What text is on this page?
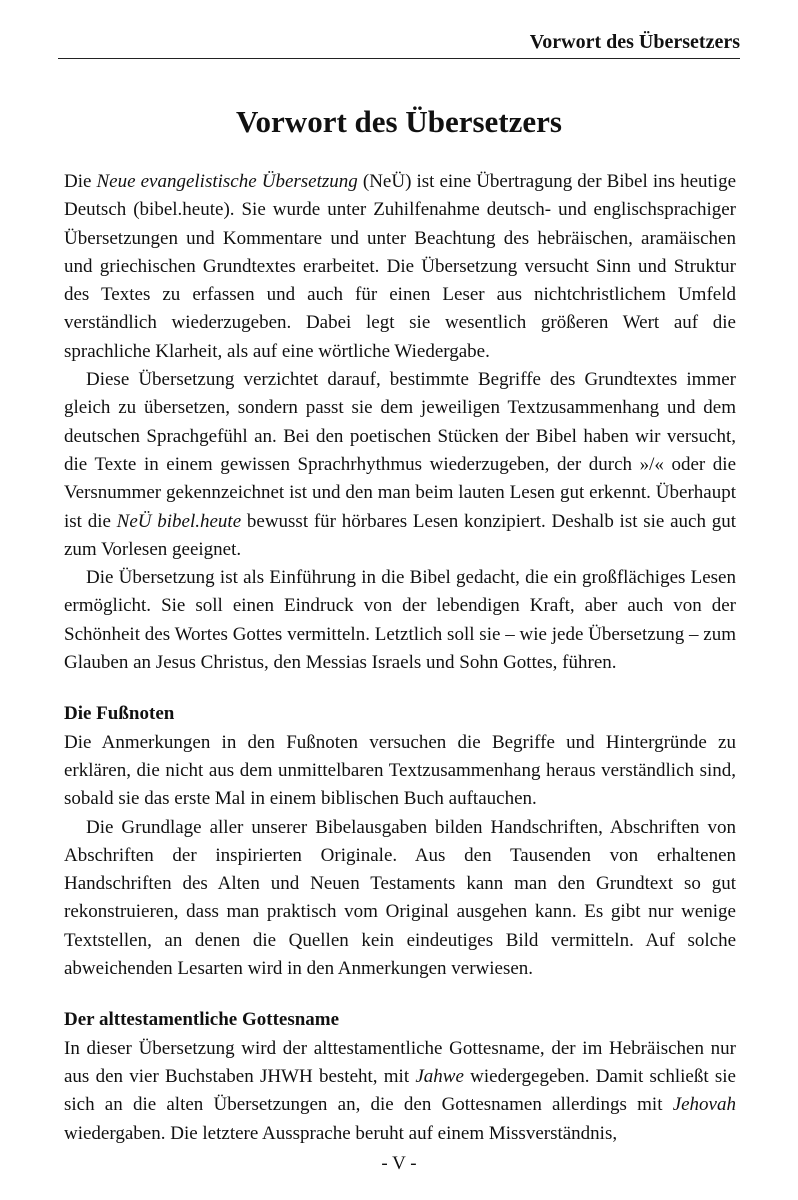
Vorwort des Übersetzers
Vorwort des Übersetzers

Die Neue evangelistische Übersetzung (NeÜ) ist eine Übertragung der Bibel ins heutige Deutsch (bibel.heute). Sie wurde unter Zuhilfenahme deutsch- und englischsprachiger Übersetzungen und Kommentare und unter Beachtung des hebräischen, aramäischen und griechischen Grundtextes erarbeitet. Die Übersetzung versucht Sinn und Struktur des Textes zu erfassen und auch für einen Leser aus nichtchristlichem Umfeld verständlich wiederzugeben. Dabei legt sie wesentlich größeren Wert auf die sprachliche Klarheit, als auf eine wörtliche Wiedergabe.

Diese Übersetzung verzichtet darauf, bestimmte Begriffe des Grundtextes immer gleich zu übersetzen, sondern passt sie dem jeweiligen Textzusammenhang und dem deutschen Sprachgefühl an. Bei den poetischen Stücken der Bibel haben wir versucht, die Texte in einem gewissen Sprachrhythmus wiederzugeben, der durch »/« oder die Versnummer gekennzeichnet ist und den man beim lauten Lesen gut erkennt. Überhaupt ist die NeÜ bibel.heute bewusst für hörbares Lesen konzipiert. Deshalb ist sie auch gut zum Vorlesen geeignet.

Die Übersetzung ist als Einführung in die Bibel gedacht, die ein großflächiges Lesen ermöglicht. Sie soll einen Eindruck von der lebendigen Kraft, aber auch von der Schönheit des Wortes Gottes vermitteln. Letztlich soll sie – wie jede Übersetzung – zum Glauben an Jesus Christus, den Messias Israels und Sohn Gottes, führen.

Die Fußnoten

Die Anmerkungen in den Fußnoten versuchen die Begriffe und Hintergründe zu erklären, die nicht aus dem unmittelbaren Textzusammenhang heraus verständlich sind, sobald sie das erste Mal in einem biblischen Buch auftauchen.

Die Grundlage aller unserer Bibelausgaben bilden Handschriften, Abschriften von Abschriften der inspirierten Originale. Aus den Tausenden von erhaltenen Handschriften des Alten und Neuen Testaments kann man den Grundtext so gut rekonstruieren, dass man praktisch vom Original ausgehen kann. Es gibt nur wenige Textstellen, an denen die Quellen kein eindeutiges Bild vermitteln. Auf solche abweichenden Lesarten wird in den Anmerkungen verwiesen.

Der alttestamentliche Gottesname

In dieser Übersetzung wird der alttestamentliche Gottesname, der im Hebräischen nur aus den vier Buchstaben JHWH besteht, mit Jahwe wiedergegeben. Damit schließt sie sich an die alten Übersetzungen an, die den Gottesnamen allerdings mit Jehovah wiedergaben. Die letztere Aussprache beruht auf einem Missverständnis,

- V -
